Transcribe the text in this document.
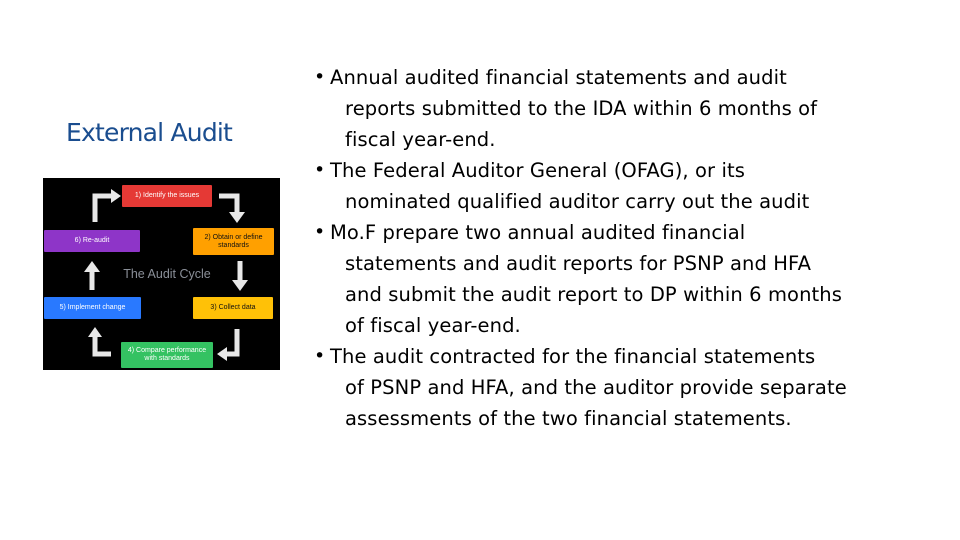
External Audit
1) Identify the issues
2) Obtain or define
standards
3) Collect data
4) Compare performance
with standards
5) Implement change
6) Re-audit
The Audit Cycle
• Annual audited financial statements and audit
reports submitted to the IDA within 6 months of
fiscal year-end.
• The Federal Auditor General (OFAG), or its
nominated qualified auditor carry out the audit
• Mo.F prepare two annual audited financial
statements and audit reports for PSNP and HFA
and submit the audit report to DP within 6 months
of fiscal year-end.
• The audit contracted for the financial statements
of PSNP and HFA, and the auditor provide separate
assessments of the two financial statements.
